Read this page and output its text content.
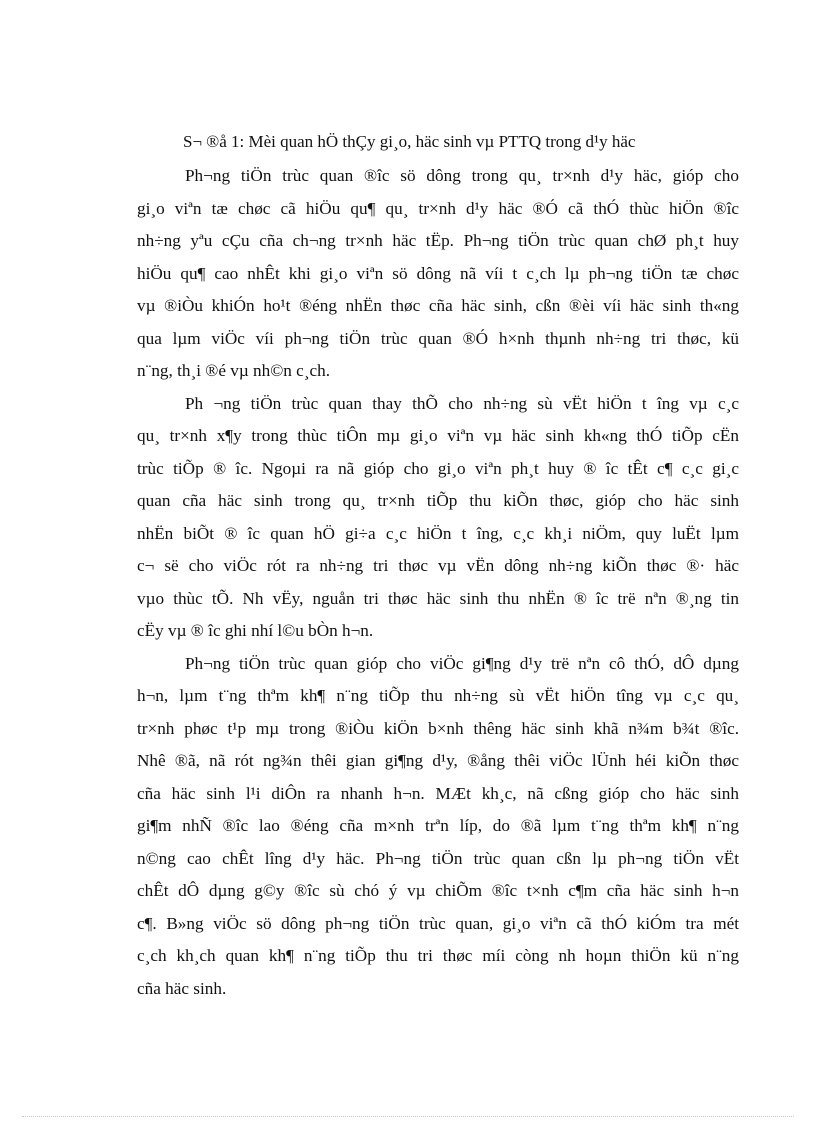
S¬ ®å 1: Mèi quan hÖ thÇy gi¸o, häc sinh vµ PTTQ trong d¹y häc

Ph¬ng tiÖn trùc quan ®îc sö dông trong qu¸ tr×nh d¹y häc, gióp cho
gi¸o viªn tæ chøc cã hiÖu qu¶ qu¸ tr×nh d¹y häc ®Ó cã thÓ thùc hiÖn ®îc
nh÷ng yªu cÇu cña ch¬ng tr×nh häc tËp. Ph¬ng tiÖn trùc quan chØ ph¸t huy
hiÖu qu¶ cao nhÊt khi gi¸o viªn sö dông nã víi t c¸ch lµ ph¬ng tiÖn tæ chøc
vµ ®iÒu khiÓn ho¹t ®éng nhËn thøc cña häc sinh, cßn ®èi víi häc sinh th«ng
qua lµm viÖc víi ph¬ng tiÖn trùc quan ®Ó h×nh thµnh nh÷ng tri thøc, kü
n¨ng, th¸i ®é vµ nh©n c¸ch.
Ph ¬ng tiÖn trùc quan thay thÕ cho nh÷ng sù vËt hiÖn t îng vµ c¸c
qu¸ tr×nh x¶y trong thùc tiÔn mµ gi¸o viªn vµ häc sinh kh«ng thÓ tiÕp cËn
trùc tiÕp ® îc. Ngoµi ra nã gióp cho gi¸o viªn ph¸t huy ® îc tÊt c¶ c¸c gi¸c
quan cña häc sinh trong qu¸ tr×nh tiÕp thu kiÕn thøc, gióp cho häc sinh
nhËn biÕt ® îc quan hÖ gi÷a c¸c hiÖn t îng, c¸c kh¸i niÖm, quy luËt lµm
c¬ së cho viÖc rót ra nh÷ng tri thøc vµ vËn dông nh÷ng kiÕn thøc ®· häc
vµo thùc tÕ. Nh vËy, nguån tri thøc häc sinh thu nhËn ® îc trë nªn ®¸ng tin
cËy vµ ® îc ghi nhí l©u bÒn h¬n.
Ph¬ng tiÖn trùc quan gióp cho viÖc gi¶ng d¹y trë nªn cô thÓ, dÔ dµng
h¬n, lµm t¨ng thªm kh¶ n¨ng tiÕp thu nh÷ng sù vËt hiÖn tîng vµ c¸c qu¸
tr×nh phøc t¹p mµ trong ®iÒu kiÖn b×nh thêng häc sinh khã n¾m b¾t ®îc.
Nhê ®ã, nã rót ng¾n thêi gian gi¶ng d¹y, ®ång thêi viÖc lÜnh héi kiÕn thøc
cña häc sinh l¹i diÔn ra nhanh h¬n. MÆt kh¸c, nã cßng gióp cho häc sinh
gi¶m nhÑ ®îc lao ®éng cña m×nh trªn líp, do ®ã lµm t¨ng thªm kh¶ n¨ng
n©ng cao chÊt lîng d¹y häc. Ph¬ng tiÖn trùc quan cßn lµ ph¬ng tiÖn vËt
chÊt dÔ dµng g©y ®îc sù chó ý vµ chiÕm ®îc t×nh c¶m cña häc sinh h¬n
c¶. B»ng viÖc sö dông ph¬ng tiÖn trùc quan, gi¸o viªn cã thÓ kiÓm tra mét
c¸ch kh¸ch quan kh¶ n¨ng tiÕp thu tri thøc míi còng nh hoµn thiÖn kü n¨ng
cña häc sinh.
